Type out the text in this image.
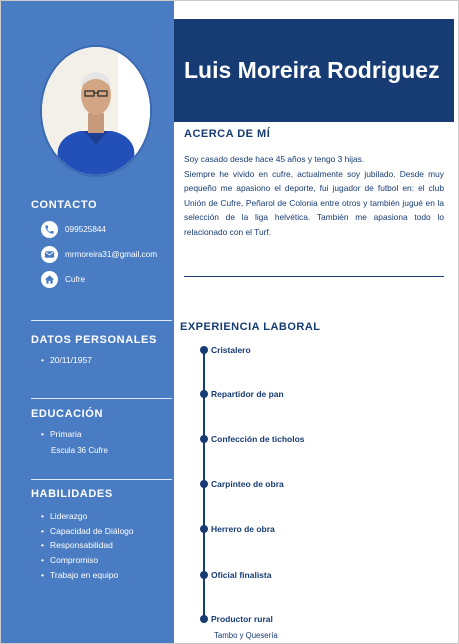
Luis Moreira Rodriguez
CONTACTO
099525844
mrmoreira31@gmail.com
Cufre
DATOS PERSONALES
• 20/11/1957
EDUCACIÓN
• Primaria
Escula 36 Cufre
HABILIDADES
• Liderazgo
• Capacidad de Diálogo
• Responsabilidad
• Compromiso
• Trabajo en equipo
ACERCA DE MÍ

Soy casado desde hace 45 años y tengo 3 hijas.
Siempre he vivido en cufre, actualmente soy jubilado. Desde muy pequeño me apasiono el deporte, fui jugador de futbol en: el club Unión de Cufre, Peñarol de Colonia entre otros y también jugué en la selección de la liga helvética. También me apasiona todo lo relacionado con el Turf.

EXPERIENCIA LABORAL
Cristalero
Repartidor de pan
Confección de ticholos
Carpinteo de obra
Herrero de obra
Oficial finalista
Productor rural
Tambo y Quesería
